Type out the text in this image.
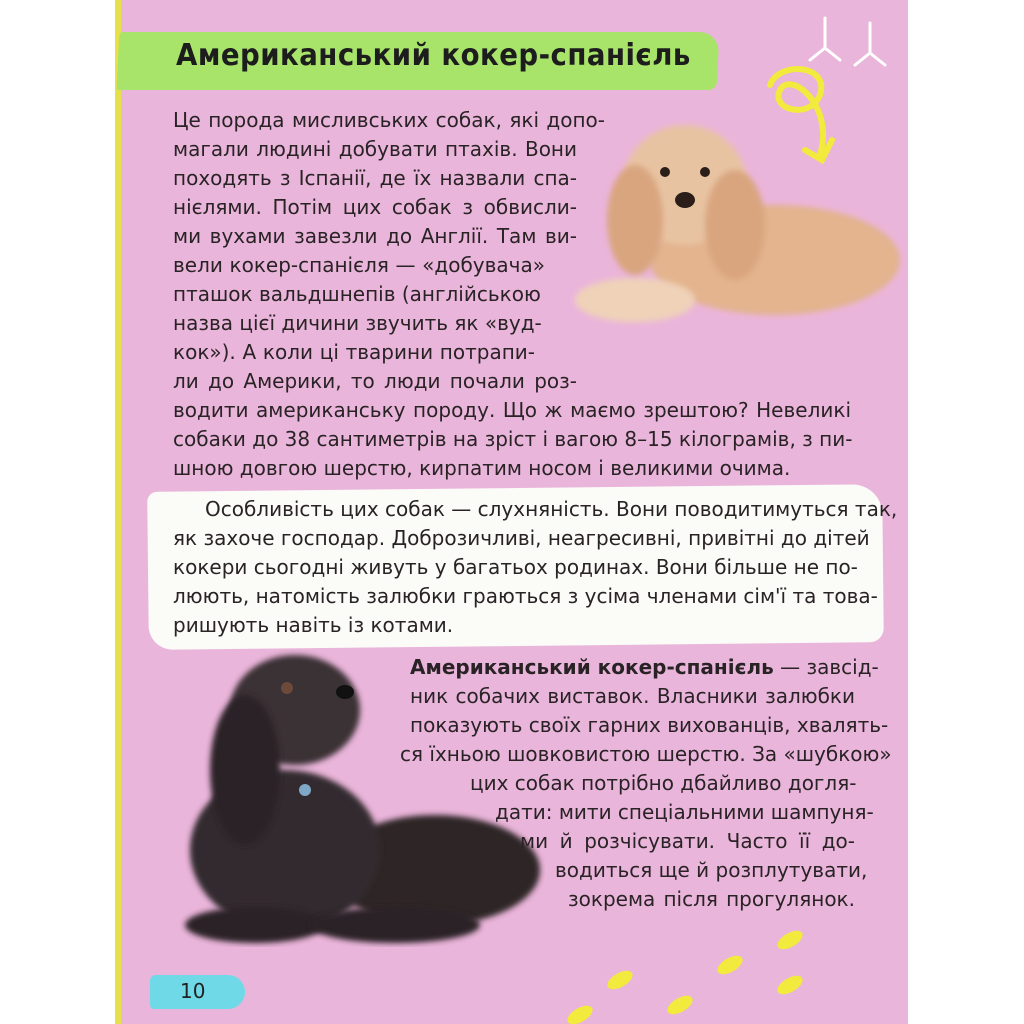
Американський кокер-спанієль
Це порода мисливських собак, які допо-
магали людині добувати птахів. Вони
походять з Іспанії, де їх назвали спа-
нієлями. Потім цих собак з обвисли-
ми вухами завезли до Англії. Там ви-
вели кокер-спанієля — «добувача»
пташок вальдшнепів (англійською
назва цієї дичини звучить як «вуд-
кок»). А коли ці тварини потрапи-
ли до Америки, то люди почали роз-
водити американську породу. Що ж маємо зрештою? Невеликі
собаки до 38 сантиметрів на зріст і вагою 8–15 кілограмів, з пи-
шною довгою шерстю, кирпатим носом і великими очима.
Особливість цих собак — слухняність. Вони поводитимуться так,
як захоче господар. Доброзичливі, неагресивні, привітні до дітей
кокери сьогодні живуть у багатьох родинах. Вони більше не по-
люють, натомість залюбки граються з усіма членами сім'ї та това-
ришують навіть із котами.
Американський кокер-спанієль — завсід-
ник собачих виставок. Власники залюбки
показують своїх гарних вихованців, хвалять-
ся їхньою шовковистою шерстю. За «шубкою»
цих собак потрібно дбайливо догля-
дати: мити спеціальними шампуня-
ми й розчісувати. Часто її до-
водиться ще й розплутувати,
зокрема після прогулянок.
10
